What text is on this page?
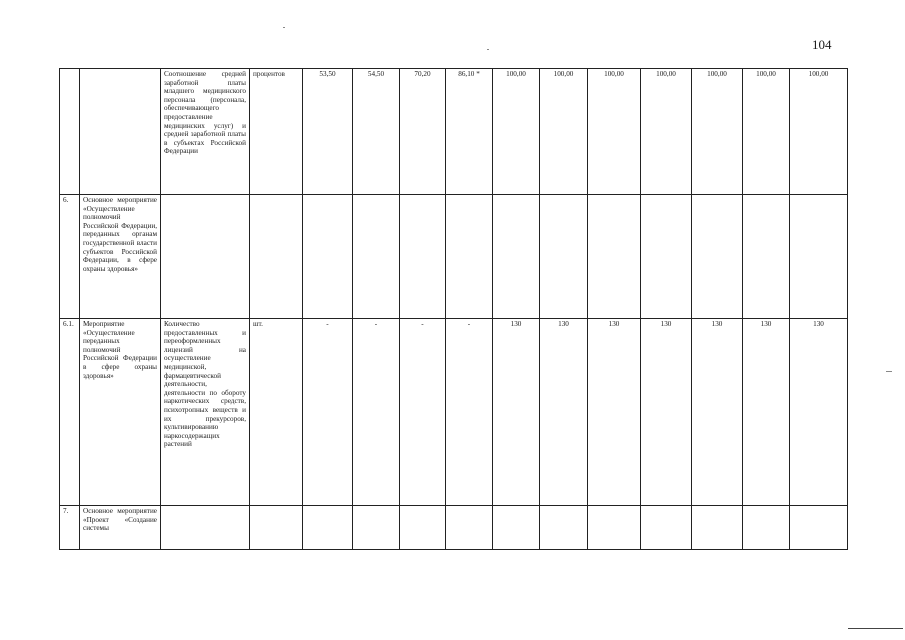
104
		Соотношение средней заработной платы младшего медицинского персонала (персонала, обеспечивающего предоставление медицинских услуг) и средней заработной платы в субъектах Российской Федерации	процентов	53,50	54,50	70,20	86,10 *	100,00	100,00	100,00	100,00	100,00	100,00	100,00
6.	Основное мероприятие «Осуществление полномочий Российской Федерации, переданных органам государственной власти субъектов Российской Федерации, в сфере охраны здоровья»													
6.1.	Мероприятие «Осуществление переданных полномочий Российской Федерации в сфере охраны здоровья»	Количество предоставленных и переоформленных лицензий на осуществление медицинской, фармацевтической деятельности, деятельности по обороту наркотических средств, психотропных веществ и их прекурсоров, культивированию наркосодержащих растений	шт.	-	-	-	-	130	130	130	130	130	130	130
7.	Основное мероприятие «Проект «Создание системы													
